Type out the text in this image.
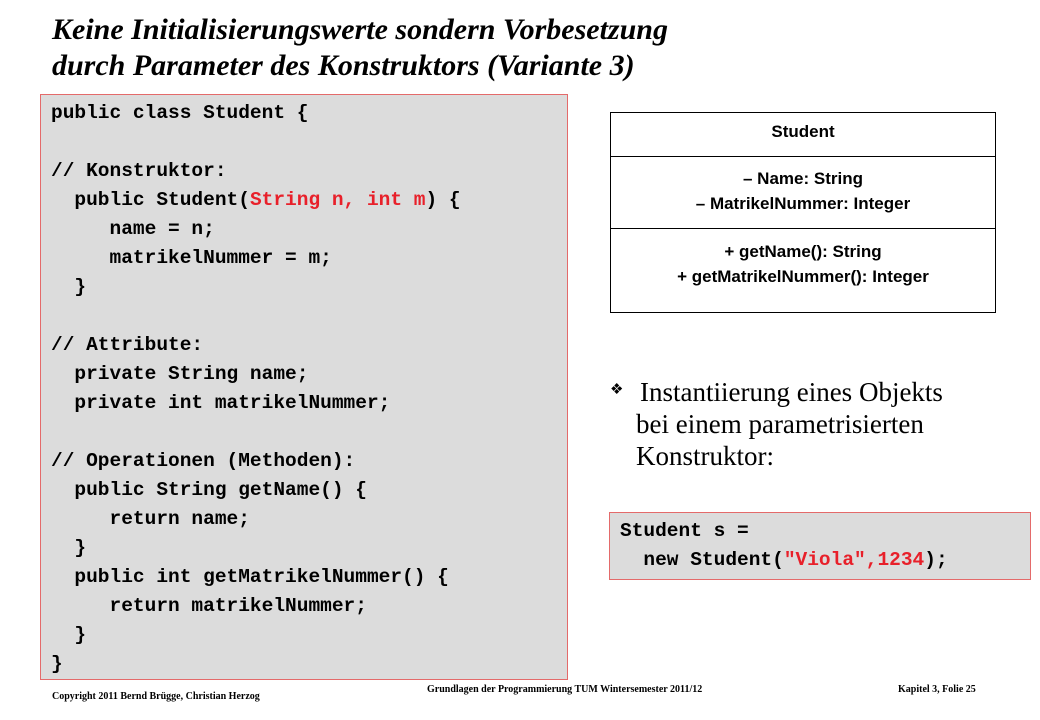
Keine Initialisierungswerte sondern Vorbesetzung
durch Parameter des Konstruktors (Variante 3)
public class Student {
// Konstruktor:
public Student(String n, int m) {
name = n;
matrikelNummer = m;
}
// Attribute:
private String name;
private int matrikelNummer;
// Operationen (Methoden):
public String getName() {
return name;
}
public int getMatrikelNummer() {
return matrikelNummer;
}
}
Student
– Name: String
– MatrikelNummer: Integer
+ getName(): String
+ getMatrikelNummer(): Integer
❖ Instantiierung eines Objekts
bei einem parametrisierten
Konstruktor:
Student s =
new Student("Viola",1234);
Copyright 2011 Bernd Brügge, Christian Herzog
Grundlagen der Programmierung TUM Wintersemester 2011/12	Kapitel 3, Folie 25
